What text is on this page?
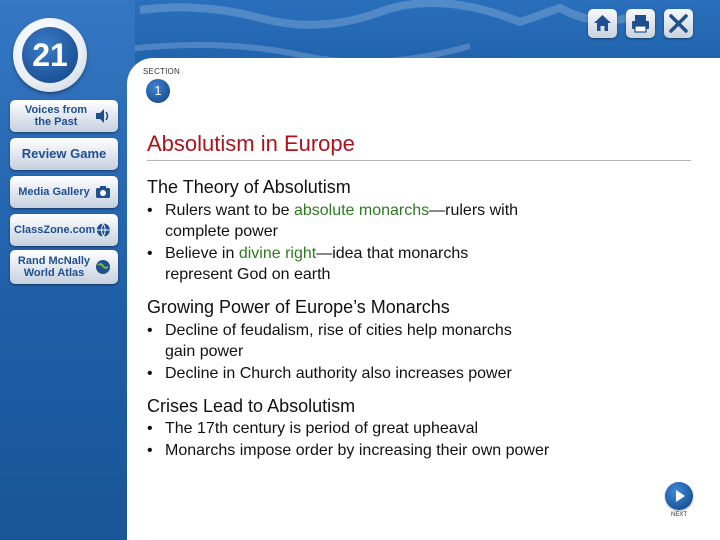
21
Voices from the Past
Review Game
Media Gallery
ClassZone.com
Rand McNally World Atlas
SECTION
1
Absolutism in Europe
The Theory of Absolutism
• Rulers want to be absolute monarchs—rulers with
complete power
• Believe in divine right—idea that monarchs
represent God on earth
Growing Power of Europe’s Monarchs
• Decline of feudalism, rise of cities help monarchs
gain power
• Decline in Church authority also increases power
Crises Lead to Absolutism
• The 17th century is period of great upheaval
• Monarchs impose order by increasing their own power
NEXT
